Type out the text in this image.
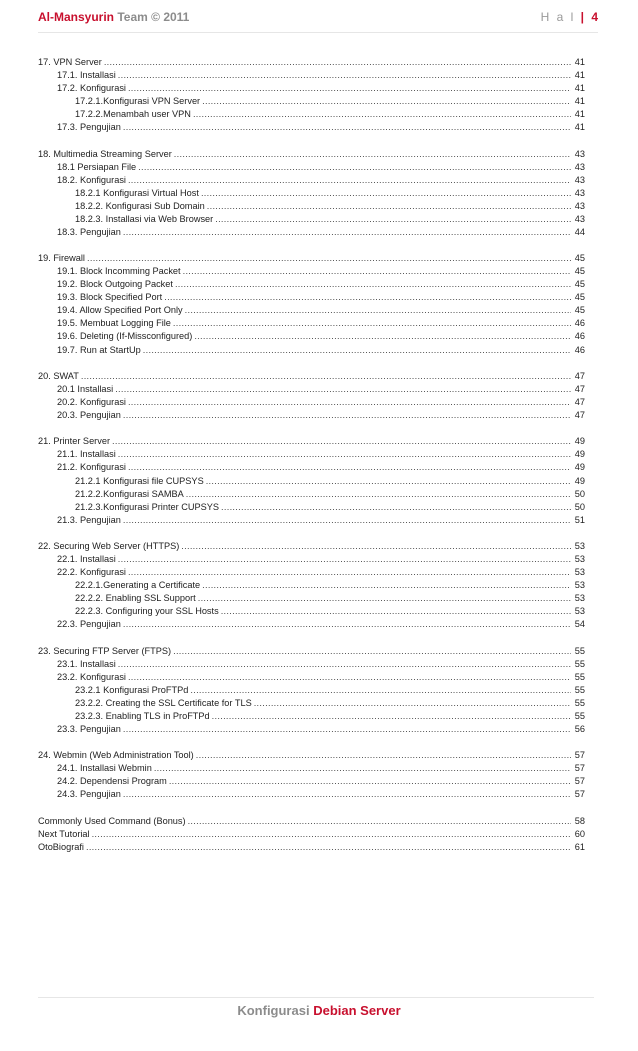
Al-Mansyurin Team © 2011	H a l | 4
17. VPN Server .....	41
17.1. Installasi .....	41
17.2. Konfigurasi .....	41
17.2.1.Konfigurasi VPN Server .....	41
17.2.2.Menambah user VPN .....	41
17.3. Pengujian .....	41
18. Multimedia Streaming Server .....	43
18.1 Persiapan File .....	43
18.2. Konfigurasi .....	43
18.2.1 Konfigurasi Virtual Host .....	43
18.2.2. Konfigurasi Sub Domain .....	43
18.2.3. Installasi via Web Browser .....	43
18.3. Pengujian .....	44
19. Firewall .....	45
19.1. Block Incomming Packet .....	45
19.2. Block Outgoing Packet .....	45
19.3. Block Specified Port .....	45
19.4. Allow Specified Port Only .....	45
19.5. Membuat Logging File .....	46
19.6. Deleting (If-Missconfigured) .....	46
19.7. Run at StartUp .....	46
20. SWAT .....	47
20.1 Installasi .....	47
20.2. Konfigurasi .....	47
20.3. Pengujian .....	47
21. Printer Server .....	49
21.1. Installasi .....	49
21.2. Konfigurasi .....	49
21.2.1 Konfigurasi file CUPSYS .....	49
21.2.2.Konfigurasi SAMBA .....	50
21.2.3.Konfigurasi Printer CUPSYS .....	50
21.3. Pengujian .....	51
22. Securing Web Server (HTTPS) .....	53
22.1. Installasi .....	53
22.2. Konfigurasi .....	53
22.2.1.Generating a Certificate .....	53
22.2.2. Enabling SSL Support .....	53
22.2.3. Configuring your SSL Hosts .....	53
22.3. Pengujian .....	54
23. Securing FTP Server (FTPS) .....	55
23.1. Installasi .....	55
23.2. Konfigurasi .....	55
23.2.1 Konfigurasi ProFTPd .....	55
23.2.2. Creating the SSL Certificate for TLS .....	55
23.2.3. Enabling TLS in ProFTPd .....	55
23.3. Pengujian .....	56
24. Webmin (Web Administration Tool) .....	57
24.1. Installasi Webmin .....	57
24.2. Dependensi Program .....	57
24.3. Pengujian .....	57
Commonly Used Command (Bonus) .....	58
Next Tutorial .....	60
OtoBiografi .....	61
Konfigurasi Debian Server
